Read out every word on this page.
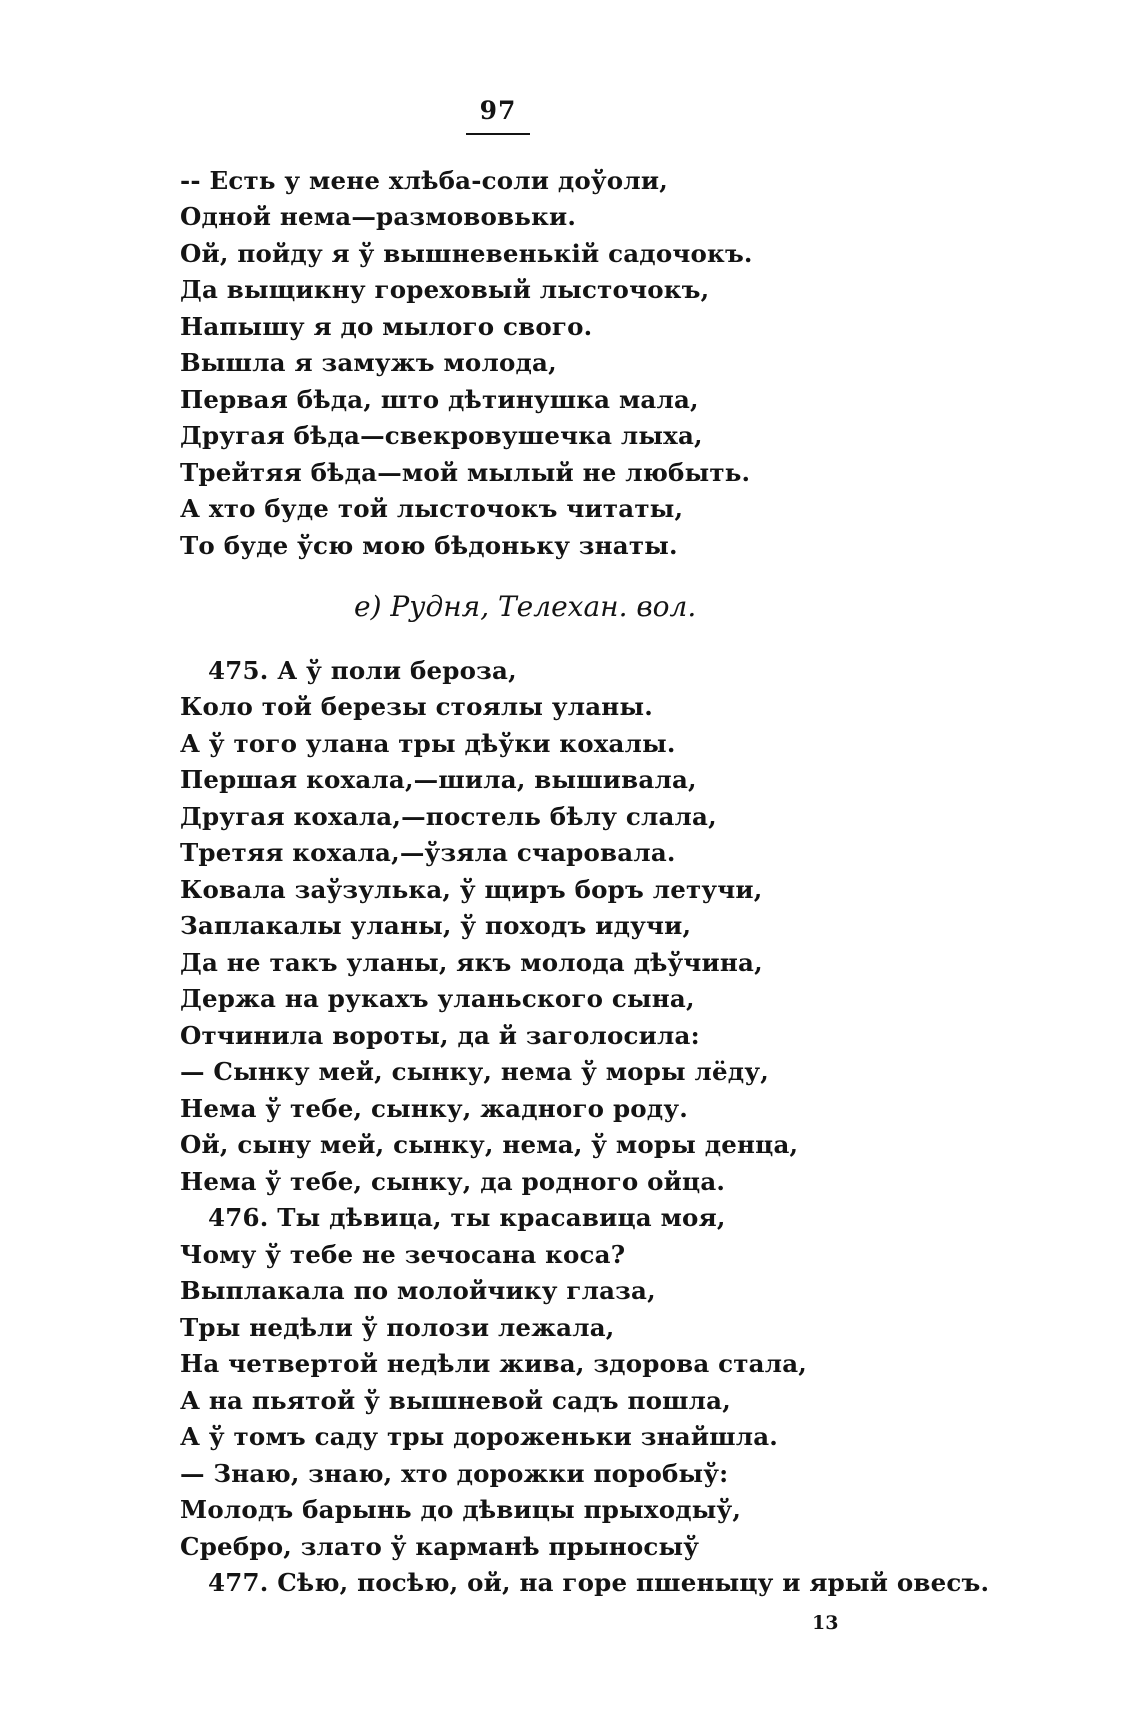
97
-- Есть у мене хлѣба-соли доўоли,
Одной нема—размововьки.
Ой, пойду я ў вышневенькій садочокъ.
Да выщикну гореховый лысточокъ,
Напышу я до мылого свого.
Вышла я замужъ молода,
Первая бѣда, што дѣтинушка мала,
Другая бѣда—свекровушечка лыха,
Трейтяя бѣда—мой мылый не любыть.
А хто буде той лысточокъ читаты,
То буде ўсю мою бѣдоньку знаты.
475. А ў поли бероза,
Коло той березы стоялы уланы.
А ў того улана тры дѣўки кохалы.
Першая кохала,—шила, вышивала,
Другая кохала,—постель бѣлу слала,
Третяя кохала,—ўзяла счаровала.
Ковала заўзулька, ў щиръ боръ летучи,
Заплакалы уланы, ў походъ идучи,
Да не такъ уланы, якъ молода дѣўчина,
Держа на рукахъ уланьского сына,
Отчинила вороты, да й заголосила:
— Сынку мей, сынку, нема ў моры лёду,
Нема ў тебе, сынку, жадного роду.
Ой, сыну мей, сынку, нема, ў моры денца,
Нема ў тебе, сынку, да родного ойца.
476. Ты дѣвица, ты красавица моя,
Чому ў тебе не зечосана коса?
Выплакала по молойчику глаза,
Тры недѣли ў полози лежала,
На четвертой недѣли жива, здорова стала,
А на пьятой ў вышневой садъ пошла,
А ў томъ саду тры дороженьки знайшла.
— Знаю, знаю, хто дорожки поробыў:
Молодъ барынь до дѣвицы прыходыў,
Сребро, злато ў карманѣ прыносыў
477. Сѣю, посѣю, ой, на горе пшеныцу и ярый овесъ.
е) Рудня, Телехан. вол.
13
